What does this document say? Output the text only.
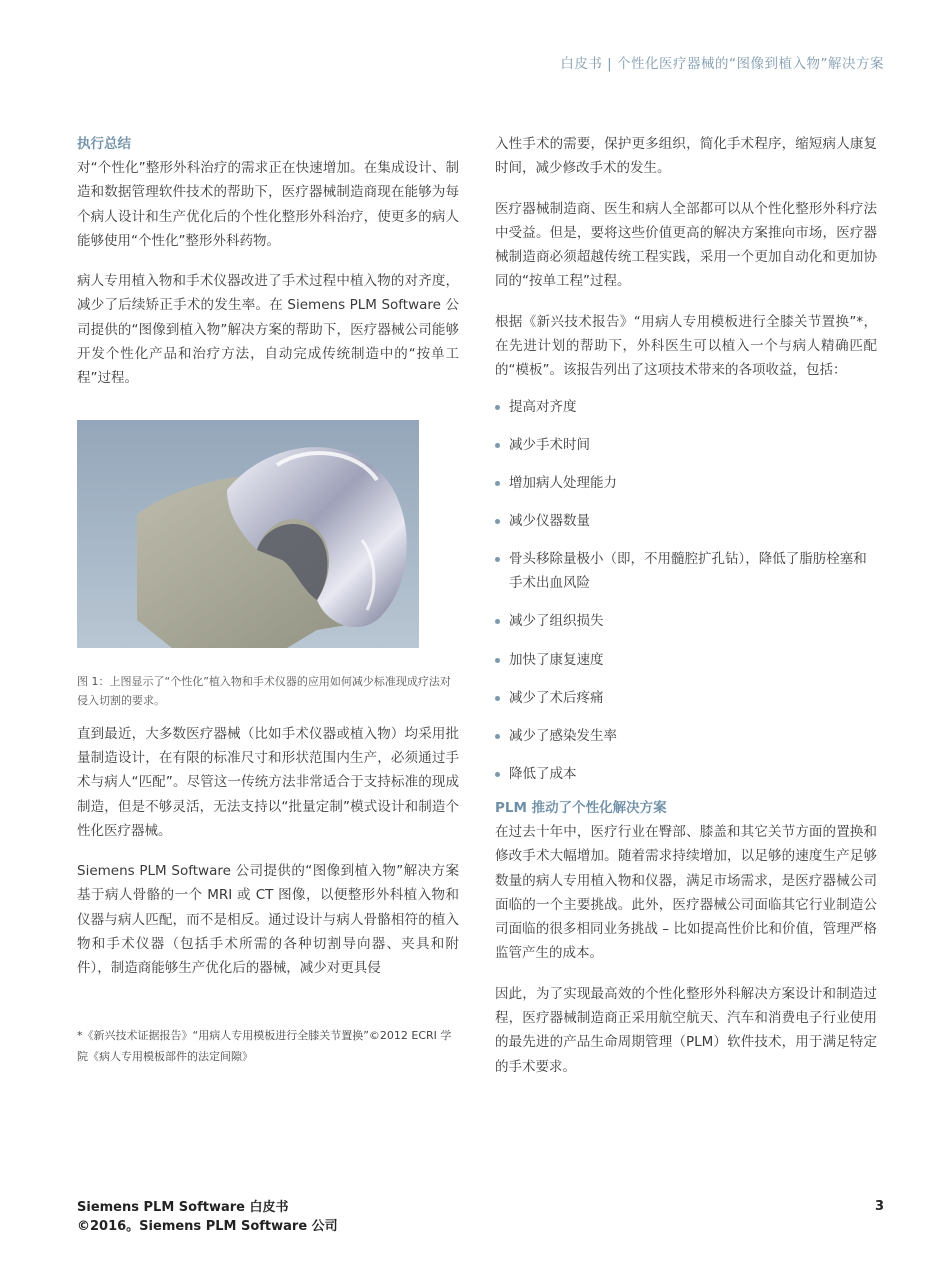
白皮书 | 个性化医疗器械的“图像到植入物”解决方案
执行总结

对“个性化”整形外科治疗的需求正在快速增加。在集成设计、制造和数据管理软件技术的帮助下，医疗器械制造商现在能够为每个病人设计和生产优化后的个性化整形外科治疗，使更多的病人能够使用“个性化”整形外科药物。

病人专用植入物和手术仪器改进了手术过程中植入物的对齐度，减少了后续矫正手术的发生率。在 Siemens PLM Software 公司提供的“图像到植入物”解决方案的帮助下，医疗器械公司能够开发个性化产品和治疗方法，自动完成传统制造中的“按单工程”过程。

图 1：上图显示了“个性化”植入物和手术仪器的应用如何减少标准现成疗法对侵入切割的要求。

直到最近，大多数医疗器械（比如手术仪器或植入物）均采用批量制造设计，在有限的标准尺寸和形状范围内生产，必须通过手术与病人“匹配”。尽管这一传统方法非常适合于支持标准的现成制造，但是不够灵活，无法支持以“批量定制”模式设计和制造个性化医疗器械。

Siemens PLM Software 公司提供的“图像到植入物”解决方案基于病人骨骼的一个 MRI 或 CT 图像，以便整形外科植入物和仪器与病人匹配，而不是相反。通过设计与病人骨骼相符的植入物和手术仪器（包括手术所需的各种切割导向器、夹具和附件），制造商能够生产优化后的器械，减少对更具侵

*《新兴技术证据报告》“用病人专用模板进行全膝关节置换”©2012 ECRI 学院《病人专用模板部件的法定间隙》

入性手术的需要，保护更多组织，简化手术程序，缩短病人康复时间，减少修改手术的发生。

医疗器械制造商、医生和病人全部都可以从个性化整形外科疗法中受益。但是，要将这些价值更高的解决方案推向市场，医疗器械制造商必须超越传统工程实践，采用一个更加自动化和更加协同的“按单工程”过程。

根据《新兴技术报告》“用病人专用模板进行全膝关节置换”*，在先进计划的帮助下，外科医生可以植入一个与病人精确匹配的“模板”。该报告列出了这项技术带来的各项收益，包括：

提高对齐度
减少手术时间
增加病人处理能力
减少仪器数量
骨头移除量极小（即，不用髓腔扩孔钻），降低了脂肪栓塞和手术出血风险
减少了组织损失
加快了康复速度
减少了术后疼痛
减少了感染发生率
降低了成本
PLM 推动了个性化解决方案

在过去十年中，医疗行业在臀部、膝盖和其它关节方面的置换和修改手术大幅增加。随着需求持续增加，以足够的速度生产足够数量的病人专用植入物和仪器，满足市场需求，是医疗器械公司面临的一个主要挑战。此外，医疗器械公司面临其它行业制造公司面临的很多相同业务挑战 – 比如提高性价比和价值，管理严格监管产生的成本。

因此，为了实现最高效的个性化整形外科解决方案设计和制造过程，医疗器械制造商正采用航空航天、汽车和消费电子行业使用的最先进的产品生命周期管理（PLM）软件技术，用于满足特定的手术要求。

Siemens PLM Software 白皮书
©2016。Siemens PLM Software 公司
3
